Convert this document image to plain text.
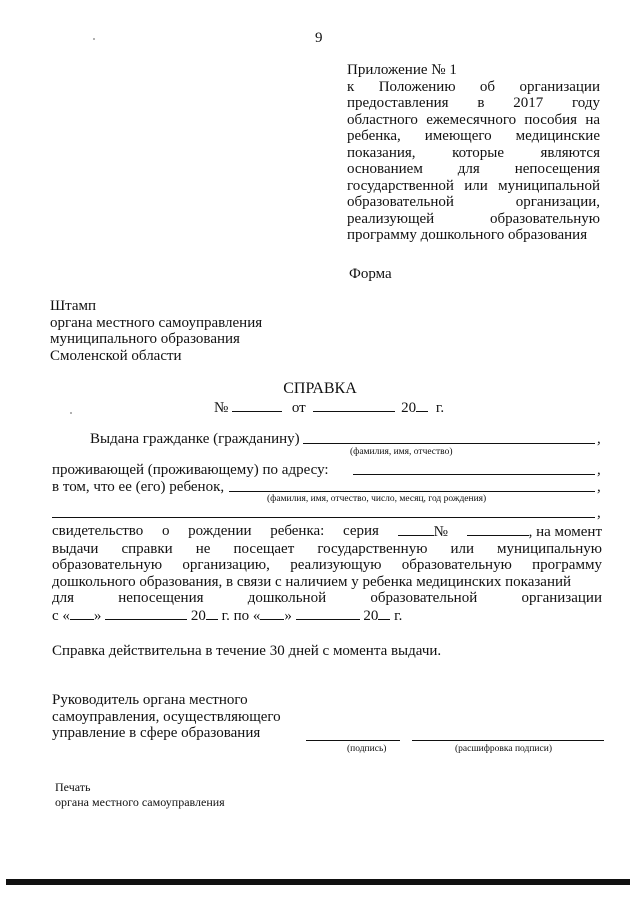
9
Приложение № 1
к Положению об организации
предоставления в 2017 году
областного ежемесячного пособия на
ребенка, имеющего медицинские
показания, которые являются
основанием для непосещения
государственной или муниципальной
образовательной	организации,
реализующей	образовательную
программу дошкольного образования
Форма
Штамп
органа местного самоуправления
муниципального образования
Смоленской области
СПРАВКА
№	от	20 г.
Выдана гражданке (гражданину)	,
(фамилия, имя, отчество)
проживающей (проживающему) по адресу:	,
в том, что ее (его) ребенок,	,
(фамилия, имя, отчество, число, месяц, год рождения)
,
свидетельство о рождении ребенка: серия	№	, на момент
выдачи справки не посещает государственную или муниципальную
образовательную организацию, реализующую образовательную программу
дошкольного образования, в связи с наличием у ребенка медицинских показаний
для	непосещения	дошкольной	образовательной	организации
с « »	20 г. по « »	20 г.
Справка действительна в течение 30 дней с момента выдачи.
Руководитель органа местного
самоуправления, осуществляющего
управление в сфере образования
(подпись)	(расшифровка подписи)
Печать
органа местного самоуправления
